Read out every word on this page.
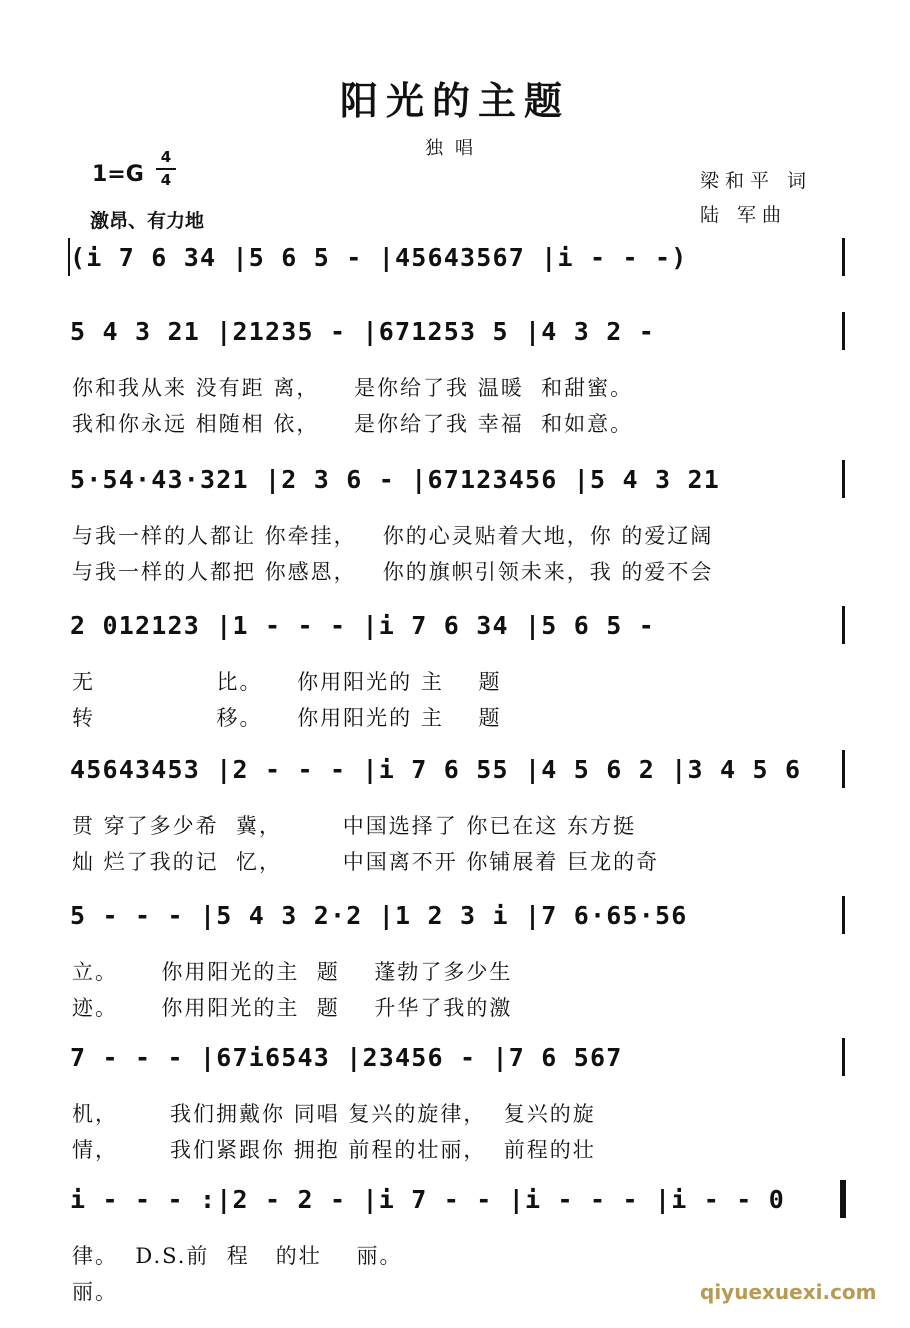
阳光的主题
独唱
1=G
4
4
激昂、有力地
梁和平 词
陆 军曲
(i 7 6 34 |5 6 5 - |45643567 |i - - -)
5 4 3 21 |21235 - |671253 5 |4 3 2 -
你和我从来 没有距 离，    是你给了我 温暖  和甜蜜。
我和你永远 相随相 依，    是你给了我 幸福  和如意。
5·54·43·321 |2 3 6 - |67123456 |5 4 3 21
与我一样的人都让 你牵挂，   你的心灵贴着大地，你 的爱辽阔
与我一样的人都把 你感恩，   你的旗帜引领未来，我 的爱不会
2 012123 |1 - - - |i 7 6 34 |5 6 5 -
无              比。    你用阳光的 主    题
转              移。    你用阳光的 主    题
45643453 |2 - - - |i 7 6 55 |4 5 6 2 |3 4 5 6
贯 穿了多少希  冀，       中国选择了 你已在这 东方挺
灿 烂了我的记  忆，       中国离不开 你铺展着 巨龙的奇
5 - - - |5 4 3 2·2 |1 2 3 i |7 6·65·56
立。     你用阳光的主  题    蓬勃了多少生
迹。     你用阳光的主  题    升华了我的激
7 - - - |67i6543 |23456 - |7 6 567
机，      我们拥戴你 同唱 复兴的旋律，  复兴的旋
情，      我们紧跟你 拥抱 前程的壮丽，  前程的壮
i - - - :|2 - 2 - |i 7 - - |i - - - |i - - 0
律。  D.S.前  程   的壮    丽。
丽。	qiyuexuexi.com
